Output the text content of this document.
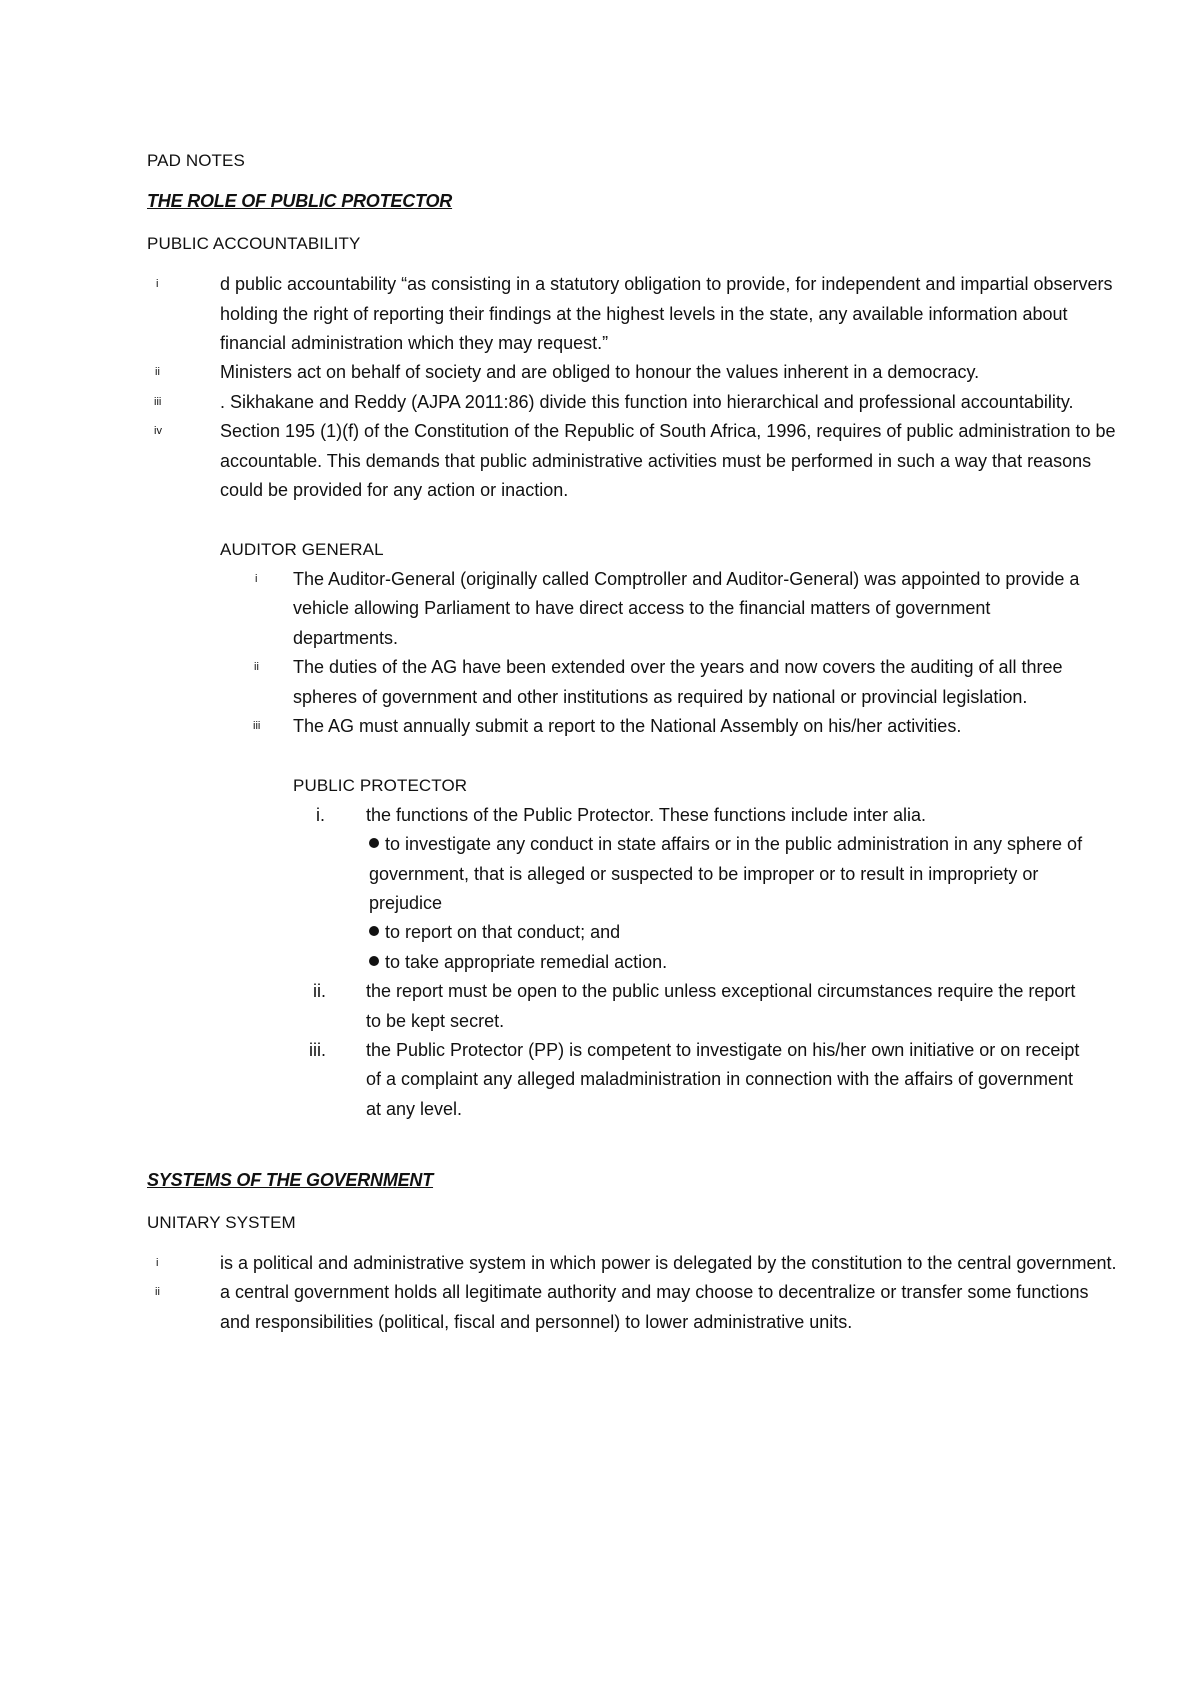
PAD NOTES
THE ROLE OF PUBLIC PROTECTOR
PUBLIC ACCOUNTABILITY
i	d public accountability “as consisting in a statutory obligation to provide, for independent and impartial observers holding the right of reporting their findings at the highest levels in the state, any available information about financial administration which they may request.”
ii	Ministers act on behalf of society and are obliged to honour the values inherent in a democracy.
iii	. Sikhakane and Reddy (AJPA 2011:86) divide this function into hierarchical and professional accountability.
iv	Section 195 (1)(f) of the Constitution of the Republic of South Africa, 1996, requires of public administration to be accountable. This demands that public administrative activities must be performed in such a way that reasons could be provided for any action or inaction.
AUDITOR GENERAL
i The Auditor-General (originally called Comptroller and Auditor-General) was appointed to provide a vehicle allowing Parliament to have direct access to the financial matters of government departments.
ii The duties of the AG have been extended over the years and now covers the auditing of all three spheres of government and other institutions as required by national or provincial legislation.
iii The AG must annually submit a report to the National Assembly on his/her activities.
PUBLIC PROTECTOR
i. the functions of the Public Protector. These functions include inter alia.
to investigate any conduct in state affairs or in the public administration in any sphere of government, that is alleged or suspected to be improper or to result in impropriety or prejudice
to report on that conduct; and
to take appropriate remedial action.
ii. the report must be open to the public unless exceptional circumstances require the report to be kept secret.
iii. the Public Protector (PP) is competent to investigate on his/her own initiative or on receipt of a complaint any alleged maladministration in connection with the affairs of government at any level.
SYSTEMS OF THE GOVERNMENT
UNITARY SYSTEM
i	is a political and administrative system in which power is delegated by the constitution to the central government.
ii	a central government holds all legitimate authority and may choose to decentralize or transfer some functions and responsibilities (political, fiscal and personnel) to lower administrative units.
